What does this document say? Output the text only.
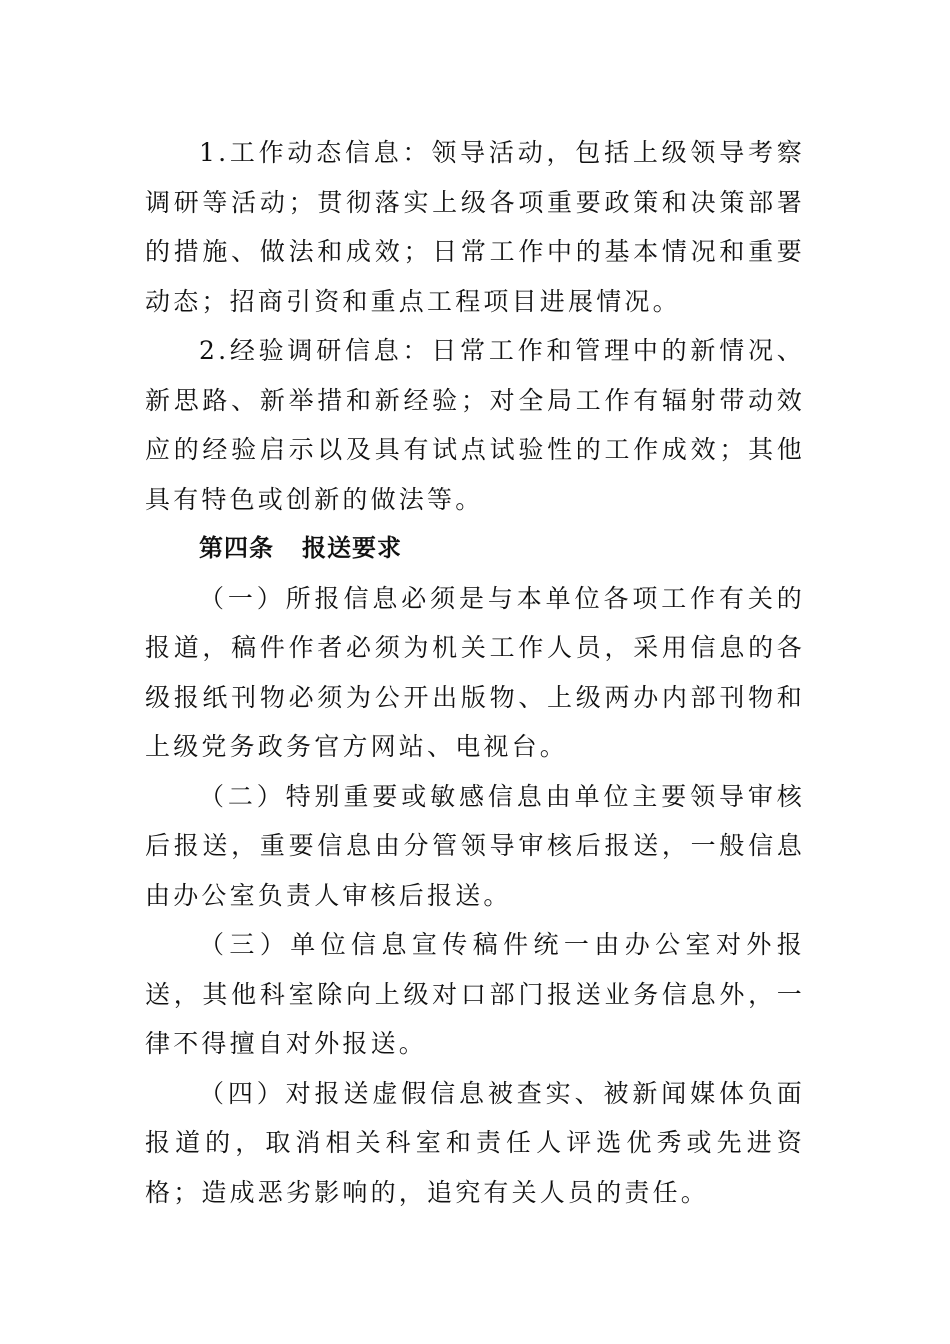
1.工作动态信息：领导活动，包括上级领导考察调研等活动；贯彻落实上级各项重要政策和决策部署的措施、做法和成效；日常工作中的基本情况和重要动态；招商引资和重点工程项目进展情况。

2.经验调研信息：日常工作和管理中的新情况、新思路、新举措和新经验；对全局工作有辐射带动效应的经验启示以及具有试点试验性的工作成效；其他具有特色或创新的做法等。

第四条 报送要求

（一）所报信息必须是与本单位各项工作有关的报道，稿件作者必须为机关工作人员，采用信息的各级报纸刊物必须为公开出版物、上级两办内部刊物和上级党务政务官方网站、电视台。

（二）特别重要或敏感信息由单位主要领导审核后报送，重要信息由分管领导审核后报送，一般信息由办公室负责人审核后报送。

（三）单位信息宣传稿件统一由办公室对外报送，其他科室除向上级对口部门报送业务信息外，一律不得擅自对外报送。

（四）对报送虚假信息被查实、被新闻媒体负面报道的，取消相关科室和责任人评选优秀或先进资格；造成恶劣影响的，追究有关人员的责任。
